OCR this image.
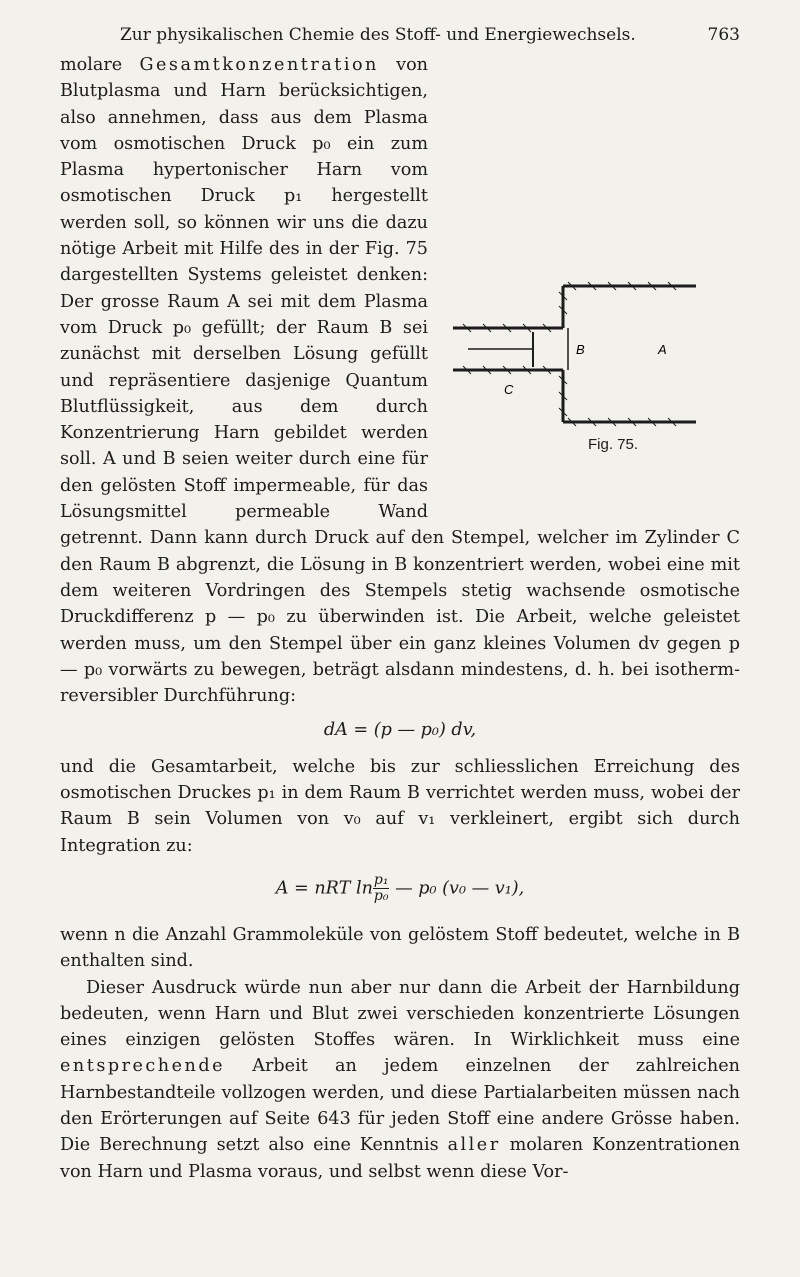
Zur physikalischen Chemie des Stoff- und Energiewechsels.	763

molare Gesamtkonzentration von Blutplasma und Harn berücksichtigen, also annehmen, dass aus dem Plasma vom osmotischen Druck p₀ ein zum Plasma hypertonischer Harn vom osmotischen Druck p₁ hergestellt werden soll, so können wir uns die dazu nötige Arbeit mit Hilfe des in der Fig. 75 dargestellten Systems geleistet denken: Der grosse Raum A sei mit dem Plasma vom Druck p₀ gefüllt; der Raum B sei zunächst mit derselben Lösung gefüllt und repräsentiere dasjenige Quantum Blutflüssigkeit, aus dem durch Konzentrierung Harn gebildet werden soll. A und B seien weiter durch eine für den gelösten Stoff impermeable, für das Lösungsmittel permeable Wand getrennt. Dann kann durch Druck auf den Stempel, welcher im Zylinder C den Raum B abgrenzt, die Lösung in B konzentriert werden, wobei eine mit dem weiteren Vordringen des Stempels stetig wachsende osmotische Druckdifferenz p — p₀ zu überwinden ist. Die Arbeit, welche geleistet werden muss, um den Stempel über ein ganz kleines Volumen dv gegen p — p₀ vorwärts zu bewegen, beträgt alsdann mindestens, d. h. bei isotherm-reversibler Durchführung:

dA = (p — p₀) dv,

und die Gesamtarbeit, welche bis zur schliesslichen Erreichung des osmotischen Druckes p₁ in dem Raum B verrichtet werden muss, wobei der Raum B sein Volumen von v₀ auf v₁ verkleinert, ergibt sich durch Integration zu:

A = nRT $\ln \frac{\text{p₁}}{\text{p₀}}$ — p₀ (v₀ — v₁),

wenn n die Anzahl Grammoleküle von gelöstem Stoff bedeutet, welche in B enthalten sind.

Dieser Ausdruck würde nun aber nur dann die Arbeit der Harnbildung bedeuten, wenn Harn und Blut zwei verschieden konzentrierte Lösungen eines einzigen gelösten Stoffes wären. In Wirklichkeit muss eine entsprechende Arbeit an jedem einzelnen der zahlreichen Harnbestandteile vollzogen werden, und diese Partialarbeiten müssen nach den Erörterungen auf Seite 643 für jeden Stoff eine andere Grösse haben. Die Berechnung setzt also eine Kenntnis aller molaren Konzentrationen von Harn und Plasma voraus, und selbst wenn diese Vor-

B	A
C
Fig. 75.
